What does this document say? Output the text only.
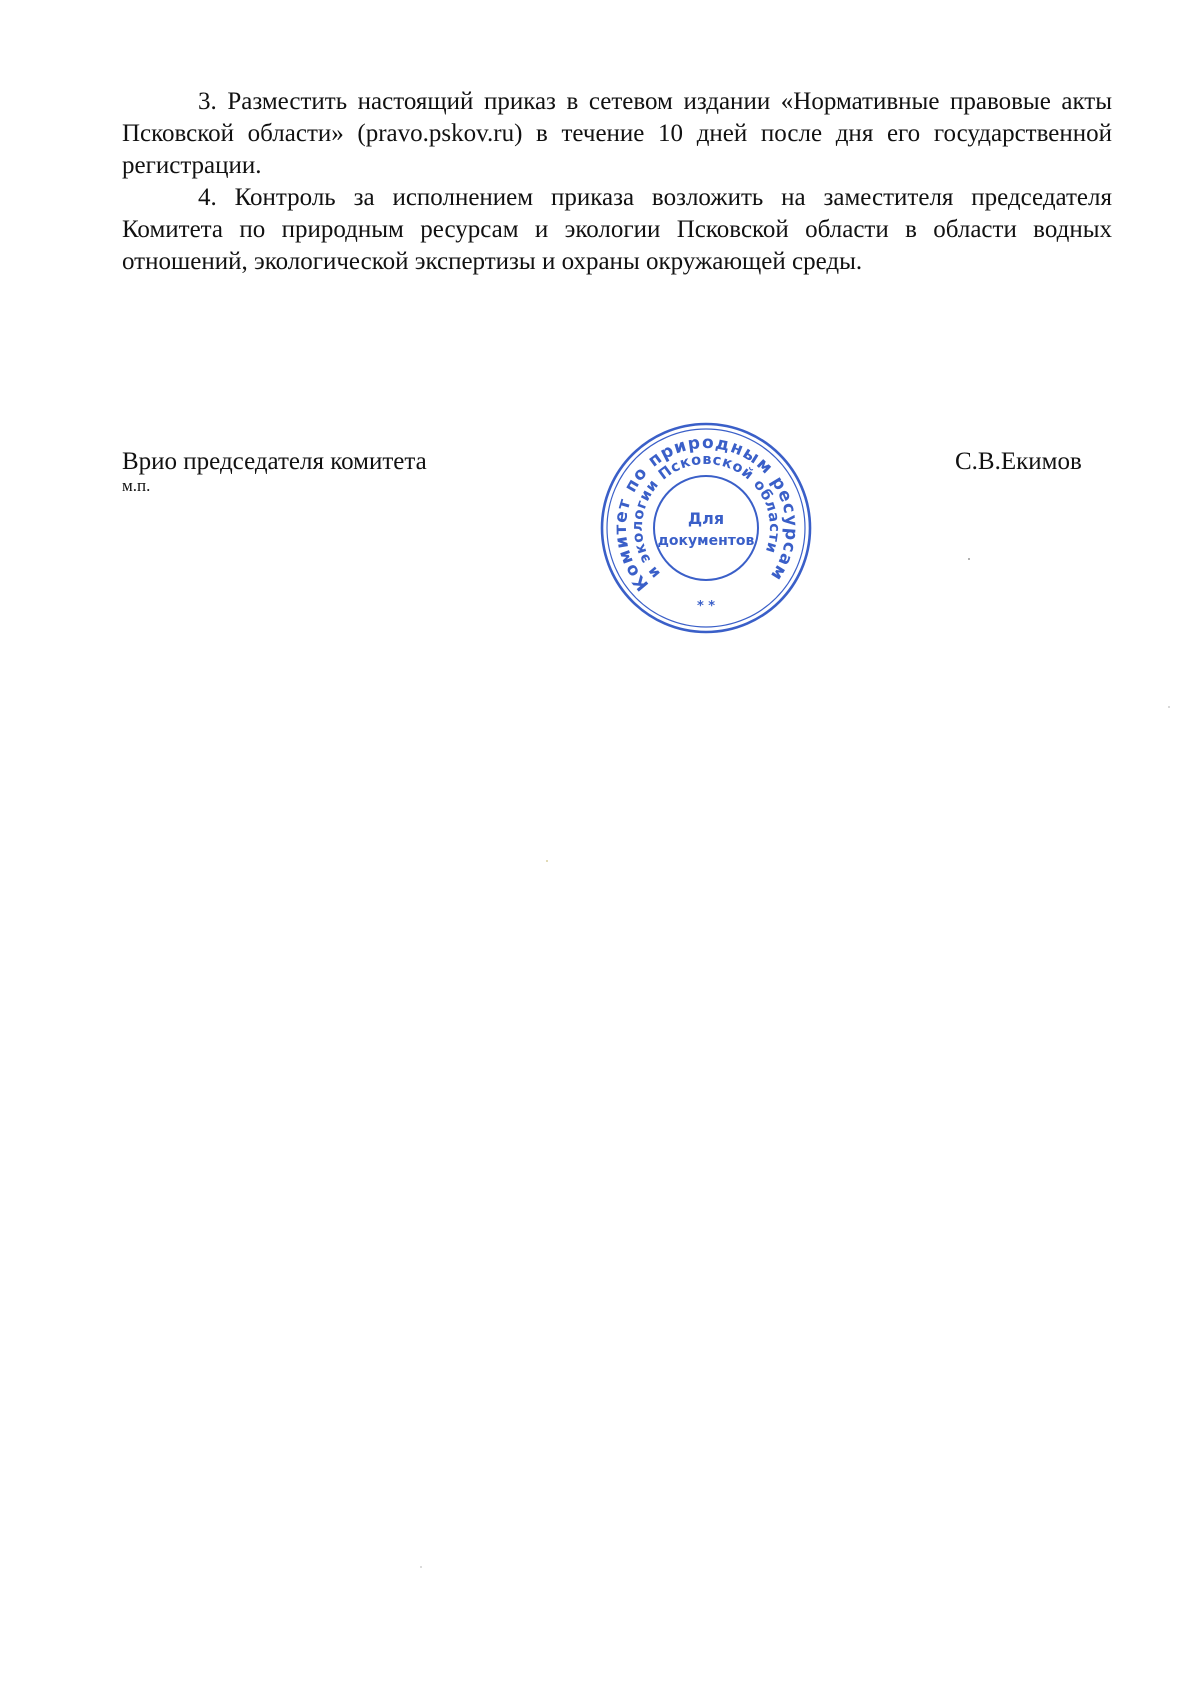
3. Разместить настоящий приказ в сетевом издании «Нормативные правовые акты Псковской области» (pravo.pskov.ru) в течение 10 дней после дня его государственной регистрации.

4. Контроль за исполнением приказа возложить на заместителя председателя Комитета по природным ресурсам и экологии Псковской области в области водных отношений, экологической экспертизы и охраны окружающей среды.

Врио председателя комитета
м.п.
С.В.Екимов
Комитет по природным ресурсам
и экологии Псковской области
Для
документов
* *
